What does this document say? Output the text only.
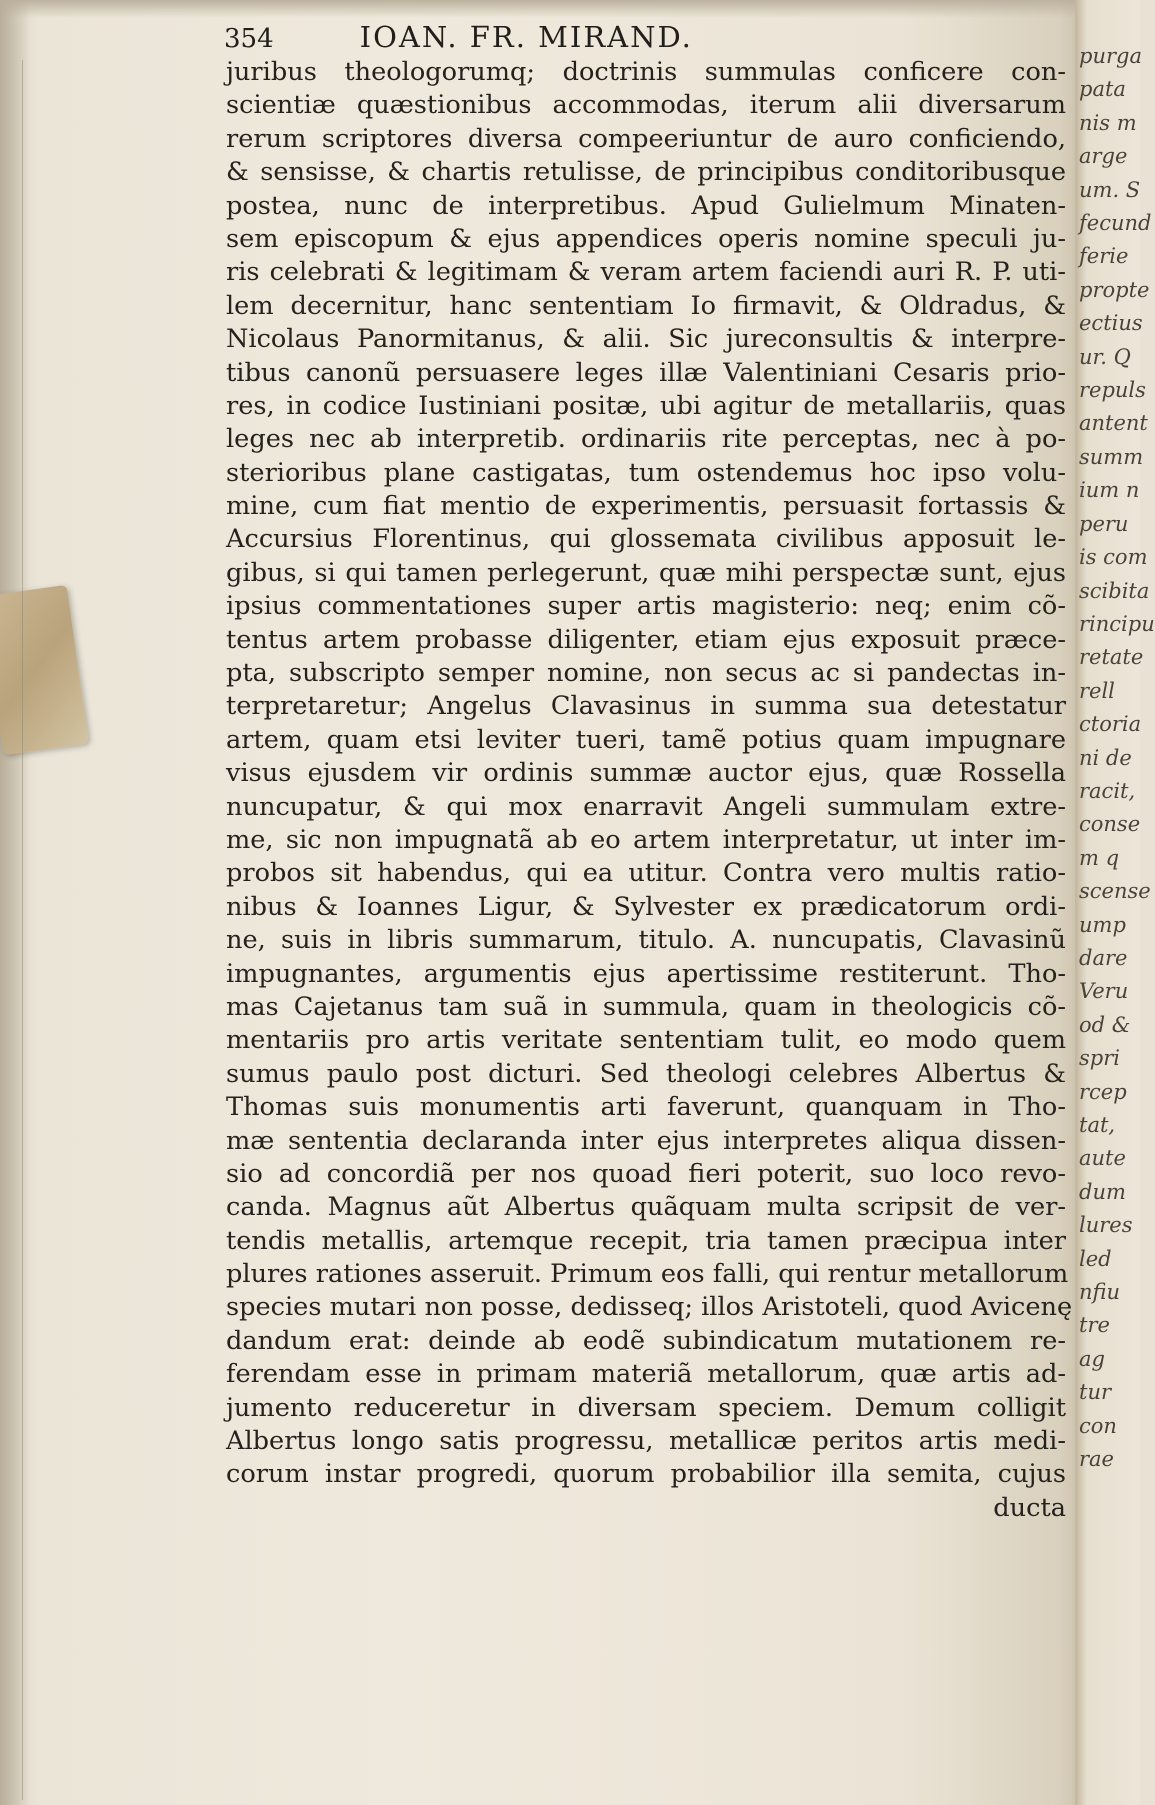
354	IOAN. FR. MIRAND.
juribus theologorumq; doctrinis summulas conficere con-
scientiæ quæstionibus accommodas, iterum alii diversarum
rerum scriptores diversa compeeriuntur de auro conficiendo,
& sensisse, & chartis retulisse, de principibus conditoribusque
postea, nunc de interpretibus. Apud Gulielmum Minaten-
sem episcopum & ejus appendices operis nomine speculi ju-
ris celebrati & legitimam & veram artem faciendi auri R. P. uti-
lem decernitur, hanc sententiam Io firmavit, & Oldradus, &
Nicolaus Panormitanus, & alii. Sic jureconsultis & interpre-
tibus canonũ persuasere leges illæ Valentiniani Cesaris prio-
res, in codice Iustiniani positæ, ubi agitur de metallariis, quas
leges nec ab interpretib. ordinariis rite perceptas, nec à po-
sterioribus plane castigatas, tum ostendemus hoc ipso volu-
mine, cum fiat mentio de experimentis, persuasit fortassis &
Accursius Florentinus, qui glossemata civilibus apposuit le-
gibus, si qui tamen perlegerunt, quæ mihi perspectæ sunt, ejus
ipsius commentationes super artis magisterio: neq; enim cõ-
tentus artem probasse diligenter, etiam ejus exposuit præce-
pta, subscripto semper nomine, non secus ac si pandectas in-
terpretaretur; Angelus Clavasinus in summa sua detestatur
artem, quam etsi leviter tueri, tamẽ potius quam impugnare
visus ejusdem vir ordinis summæ auctor ejus, quæ Rossella
nuncupatur, & qui mox enarravit Angeli summulam extre-
me, sic non impugnatã ab eo artem interpretatur, ut inter im-
probos sit habendus, qui ea utitur. Contra vero multis ratio-
nibus & Ioannes Ligur, & Sylvester ex prædicatorum ordi-
ne, suis in libris summarum, titulo. A. nuncupatis, Clavasinũ
impugnantes, argumentis ejus apertissime restiterunt. Tho-
mas Cajetanus tam suã in summula, quam in theologicis cõ-
mentariis pro artis veritate sententiam tulit, eo modo quem
sumus paulo post dicturi. Sed theologi celebres Albertus &
Thomas suis monumentis arti faverunt, quanquam in Tho-
mæ sententia declaranda inter ejus interpretes aliqua dissen-
sio ad concordiã per nos quoad fieri poterit, suo loco revo-
canda. Magnus aũt Albertus quãquam multa scripsit de ver-
tendis metallis, artemque recepit, tria tamen præcipua inter
plures rationes asseruit. Primum eos falli, qui rentur metallorum
species mutari non posse, dedisseq; illos Aristoteli, quod Avicenę
dandum erat: deinde ab eodẽ subindicatum mutationem re-
ferendam esse in primam materiã metallorum, quæ artis ad-
jumento reduceretur in diversam speciem. Demum colligit
Albertus longo satis progressu, metallicæ peritos artis medi-
corum instar progredi, quorum probabilior illa semita, cujus
ducta
purga
pata
nis m
arge
um. S
fecund
ferie
propte
ectius
ur. Q
repuls
antent
summ
ium n
peru
is com
scibita
rincipu
retate
rell
ctoria
ni de
racit,
conse
m q
scense
ump
dare
Veru
od &
spri
rcep
tat,
aute
dum
lures
led
nfiu
tre
ag
tur
con
rae
